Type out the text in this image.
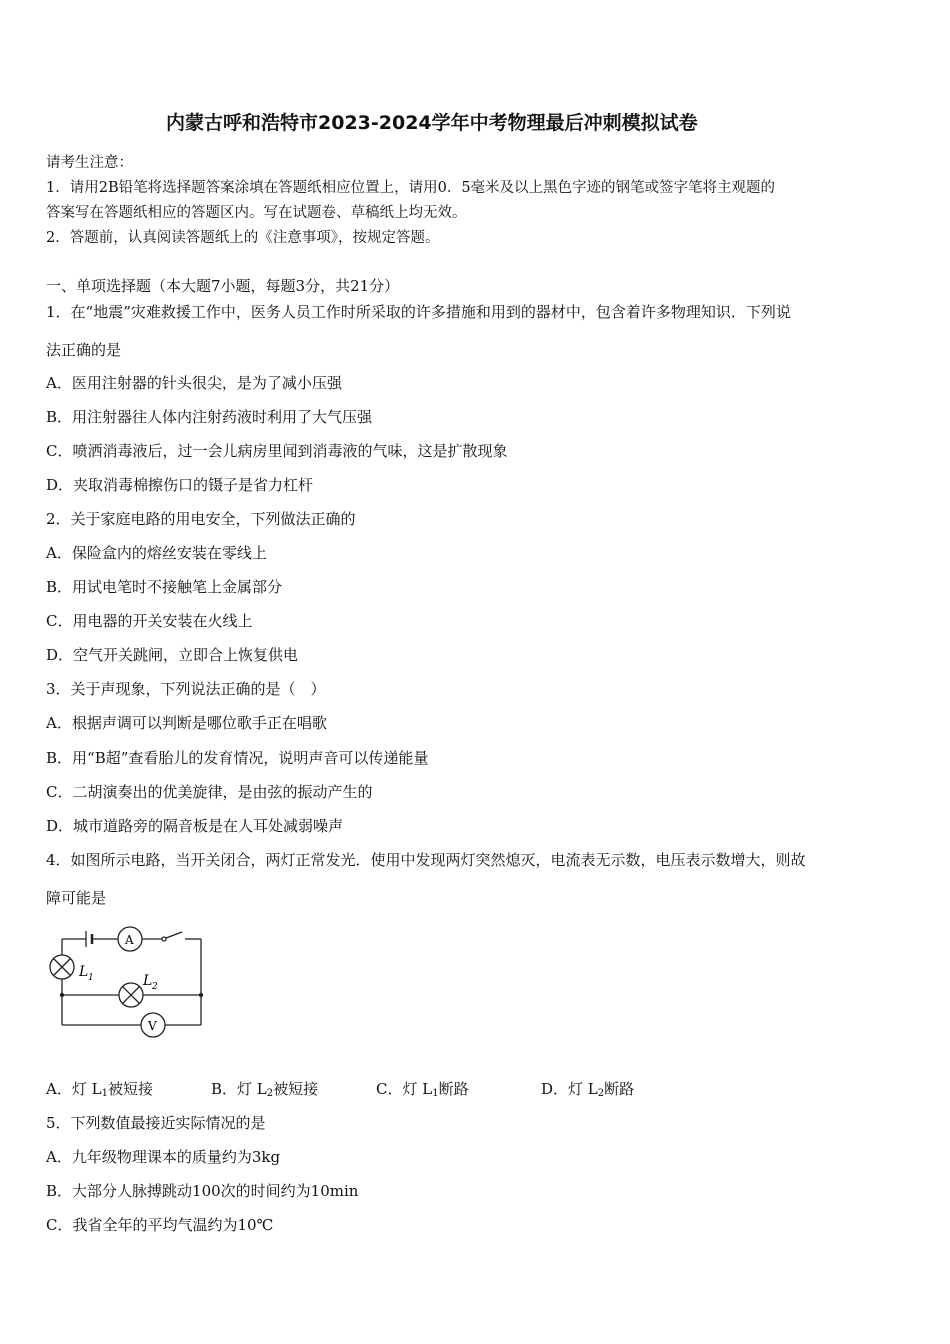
内蒙古呼和浩特市2023-2024学年中考物理最后冲刺模拟试卷
请考生注意：
1．请用2B铅笔将选择题答案涂填在答题纸相应位置上，请用0．5毫米及以上黑色字迹的钢笔或签字笔将主观题的
答案写在答题纸相应的答题区内。写在试题卷、草稿纸上均无效。
2．答题前，认真阅读答题纸上的《注意事项》，按规定答题。
一、单项选择题（本大题7小题，每题3分，共21分）
1．在“地震”灾难救援工作中，医务人员工作时所采取的许多措施和用到的器材中，包含着许多物理知识．下列说
法正确的是
A．医用注射器的针头很尖，是为了减小压强
B．用注射器往人体内注射药液时利用了大气压强
C．喷洒消毒液后，过一会儿病房里闻到消毒液的气味，这是扩散现象
D．夹取消毒棉擦伤口的镊子是省力杠杆
2．关于家庭电路的用电安全，下列做法正确的
A．保险盒内的熔丝安装在零线上
B．用试电笔时不接触笔上金属部分
C．用电器的开关安装在火线上
D．空气开关跳闸，立即合上恢复供电
3．关于声现象，下列说法正确的是（　）
A．根据声调可以判断是哪位歌手正在唱歌
B．用“B超”查看胎儿的发育情况，说明声音可以传递能量
C．二胡演奏出的优美旋律，是由弦的振动产生的
D．城市道路旁的隔音板是在人耳处减弱噪声
4．如图所示电路，当开关闭合，两灯正常发光．使用中发现两灯突然熄灭，电流表无示数，电压表示数增大，则故
障可能是
A
V
L 1	L 2
A．灯 $L_1$被短接	B．灯 $L_2$被短接	C．灯 $L_1$断路	D．灯 $L_2$断路
5．下列数值最接近实际情况的是
A．九年级物理课本的质量约为3kg
B．大部分人脉搏跳动100次的时间约为10min
C．我省全年的平均气温约为10℃
